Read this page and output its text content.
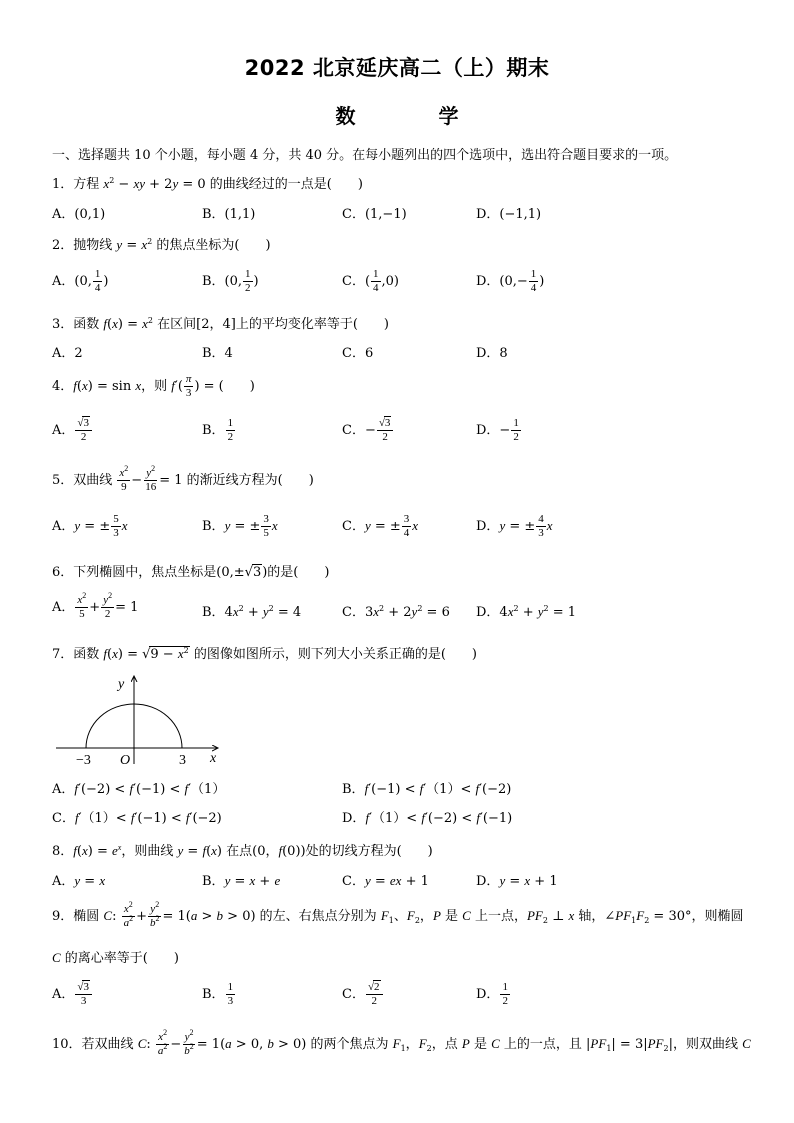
2022 北京延庆高二（上）期末
数 学
一、选择题共 10 个小题，每小题 4 分，共 40 分。在每小题列出的四个选项中，选出符合题目要求的一项。
1．方程 $x^2$ − xy + 2y = 0 的曲线经过的一点是(　　)
A．(0,1)	B．(1,1)	C．(1,−1)	D．(−1,1)
2．抛物线 $y = x^2$ 的焦点坐标为(　　)
A．(0, $\frac{1}{4}$ )	B．(0, $\frac{1}{2}$ )	C．( $\frac{1}{4} ,0$)	D．($0,- \frac{1}{4}$ )
3．函数 $f(x) = x^2$ 在区间[2，4]上的平均变化率等于(　　)
A．2	B．4	C．6	D．8
4．f(x) = sin x，则 $f'( \frac{\pi}{3}$ ) = (　　)
A． $\frac{√3}{2}$	B． $\frac{1}{2}$	C．− $\frac{√3}{2}$	D．− $\frac{1}{2}$
5．双曲线 $\frac{x^2}{9} - \frac{y^2}{16} = 1$ 的渐近线方程为(　　)
A．y = ± $\frac{5}{3}$ x	B．y = ± $\frac{3}{5}$ x	C．y = ± $\frac{3}{4}$ x	D．y = ± $\frac{4}{3}$ x
6．下列椭圆中，焦点坐标是(0,±√3)的是(　　)
A． $\frac{x^2}{5} + \frac{y^2}{2} = 1$	B．$4x^2 + y^2 = 4$	C．$3x^2 + 2y^2 = 6$ D．$4x^2 + y^2 = 1$
7．函数 $f(x) = √9 - x^2$ 的图像如图所示，则下列大小关系正确的是(　　)
y
x
O
−3	3
A．f′(−2) < f′(−1) < f′（1）	B．f′(−1) < f′（1）< f′(−2)
C．f′（1）< f′(−1) < f′(−2)	D．f′（1）< f′(−2) < f′(−1)
8．$f(x) = e^x$，则曲线 y = f(x) 在点(0，f(0))处的切线方程为(　　)
A．y = x	B．y = x + e	C．y = ex + 1	D．y = x + 1
9．椭圆 C: $\frac{x^2}{a^2} + \frac{y^2}{b^2} = 1(a > b > 0)$ 的左、右焦点分别为 $F_1$、$F_2$，P 是 C 上一点，$PF_2$ ⊥ x 轴，$\angle PF_1F_2 = 30^\circ$，则椭圆
C 的离心率等于(　　)
A． $\frac{√3}{3}$	B． $\frac{1}{3}$	C． $\frac{√2}{2}$	D． $\frac{1}{2}$
10．若双曲线 C: $\frac{x^2}{a^2} - \frac{y^2}{b^2} = 1(a > 0$, b > 0) 的两个焦点为 $F_1$，$F_2$，点 P 是 C 上的一点，且 $|PF_1| = 3|PF_2|$，则双曲线 C
